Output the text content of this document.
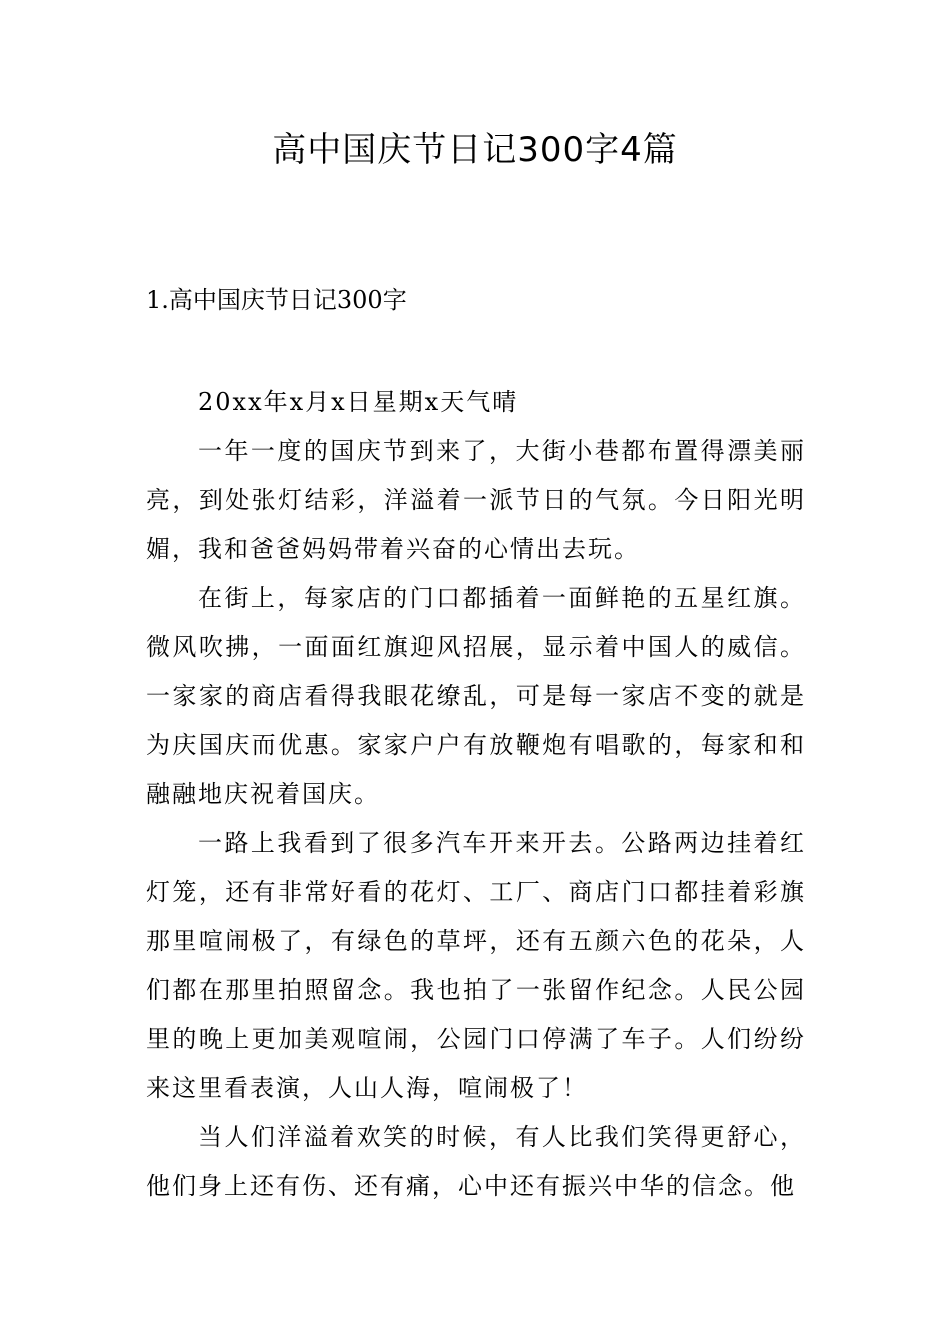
高中国庆节日记300字4篇
1.高中国庆节日记300字

20xx年x月x日星期x天气晴

一年一度的国庆节到来了，大街小巷都布置得漂美丽亮，到处张灯结彩，洋溢着一派节日的气氛。今日阳光明媚，我和爸爸妈妈带着兴奋的心情出去玩。

在街上，每家店的门口都插着一面鲜艳的五星红旗。微风吹拂，一面面红旗迎风招展，显示着中国人的威信。一家家的商店看得我眼花缭乱，可是每一家店不变的就是为庆国庆而优惠。家家户户有放鞭炮有唱歌的，每家和和融融地庆祝着国庆。

一路上我看到了很多汽车开来开去。公路两边挂着红灯笼，还有非常好看的花灯、工厂、商店门口都挂着彩旗那里喧闹极了，有绿色的草坪，还有五颜六色的花朵，人们都在那里拍照留念。我也拍了一张留作纪念。人民公园里的晚上更加美观喧闹，公园门口停满了车子。人们纷纷来这里看表演，人山人海，喧闹极了！

当人们洋溢着欢笑的时候，有人比我们笑得更舒心，他们身上还有伤、还有痛，心中还有振兴中华的信念。他
